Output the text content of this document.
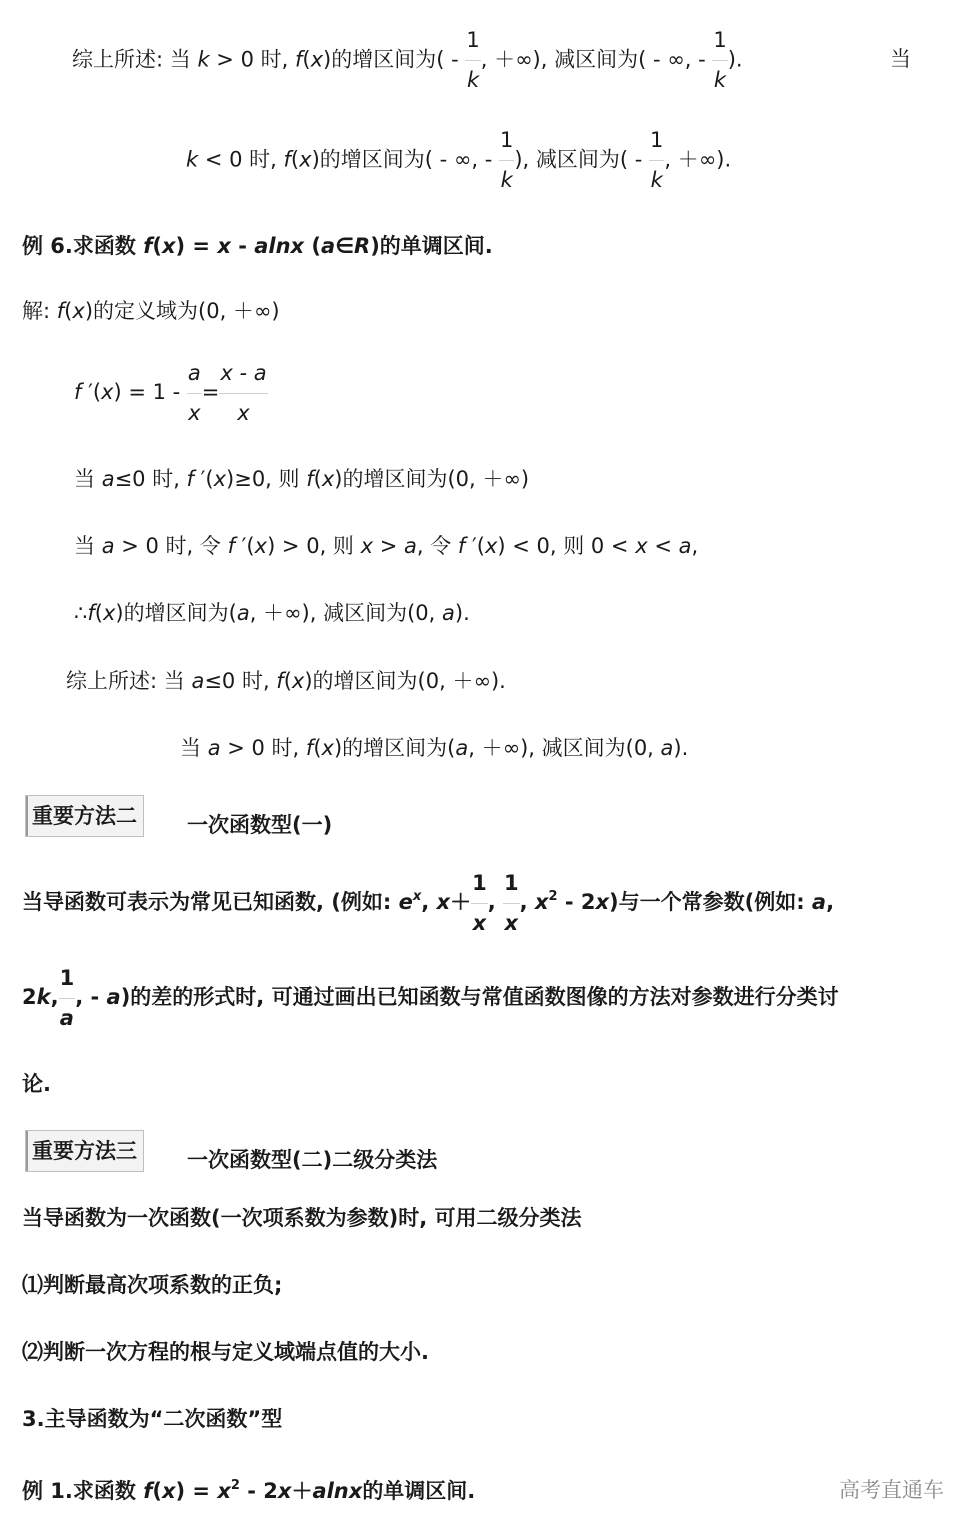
综上所述: 当 k > 0 时, f(x)的增区间为( - $\frac{1}{k}$ , ＋∞), 减区间为( - ∞, - $\frac{1}{k}$ ).	当
k < 0 时, f(x)的增区间为( - ∞, - $\frac{1}{k}$ ), 减区间为( - $\frac{1}{k}$ , ＋∞).
例 6.求函数 f(x) = x - alnx (a∈R)的单调区间.
解: f(x)的定义域为(0, ＋∞)
f $'(x) = 1 - \frac{a}{x} = \frac{x - a}{x}$
当 a≤0 时, f ′(x)≥0, 则 f(x)的增区间为(0, ＋∞)
当 a > 0 时, 令 f ′(x) > 0, 则 x > a, 令 f ′(x) < 0, 则 0 < x < a,
∴f(x)的增区间为(a, ＋∞), 减区间为(0, a).
综上所述: 当 a≤0 时, f(x)的增区间为(0, ＋∞).
当 a > 0 时, f(x)的增区间为(a, ＋∞), 减区间为(0, a).
重要方法二	一次函数型(一)
当导函数可表示为常见已知函数, (例如: $e^x$, $x+ \frac{1}{x}$ , $\frac{1}{x}$ , $x^2 - 2x$)与一个常参数(例如: a,
2k, $\frac{1}{a}$ , - a)的差的形式时, 可通过画出已知函数与常值函数图像的方法对参数进行分类讨
论.
重要方法三	一次函数型(二)二级分类法
当导函数为一次函数(一次项系数为参数)时, 可用二级分类法
⑴判断最高次项系数的正负;
⑵判断一次方程的根与定义域端点值的大小.
3.主导函数为“二次函数”型
例 1.求函数 $f(x) = x^2 - 2x+alnx$的单调区间.	高考直通车
